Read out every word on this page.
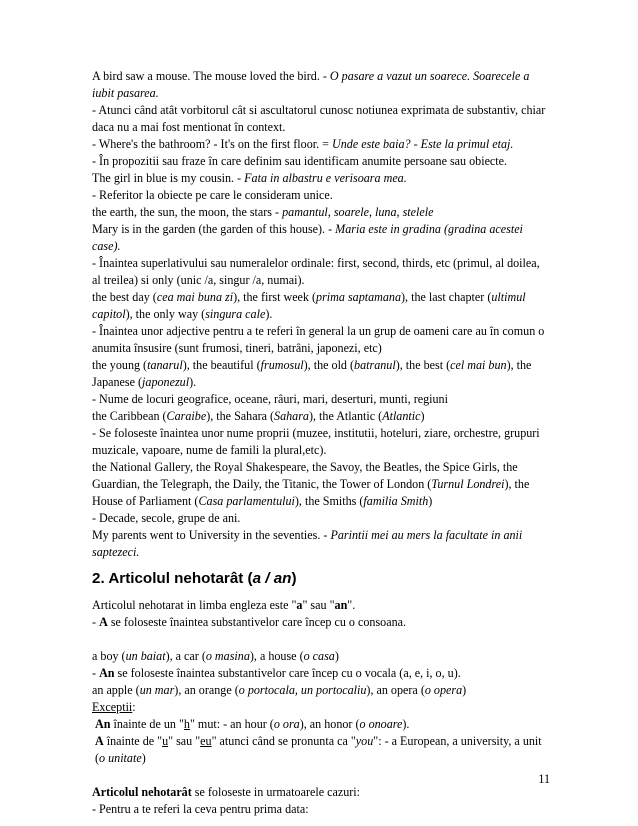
A bird saw a mouse. The mouse loved the bird. - O pasare a vazut un soarece. Soarecele a iubit pasarea.

- Atunci când atât vorbitorul cât si ascultatorul cunosc notiunea exprimata de substantiv, chiar daca nu a mai fost mentionat în context.

- Where's the bathroom? - It's on the first floor. = Unde este baia? - Este la primul etaj.

- În propozitii sau fraze în care definim sau identificam anumite persoane sau obiecte.

The girl in blue is my cousin. - Fata in albastru e verisoara mea.

- Referitor la obiecte pe care le consideram unice.

the earth, the sun, the moon, the stars - pamantul, soarele, luna, stelele

Mary is in the garden (the garden of this house). - Maria este in gradina (gradina acestei case).

- Înaintea superlativului sau numeralelor ordinale: first, second, thirds, etc (primul, al doilea, al treilea) si only (unic /a, singur /a, numai).

the best day (cea mai buna zi), the first week (prima saptamana), the last chapter (ultimul capitol), the only way (singura cale).

- Înaintea unor adjective pentru a te referi în general la un grup de oameni care au în comun o anumita însusire (sunt frumosi, tineri, batrâni, japonezi, etc)

the young (tanarul), the beautiful (frumosul), the old (batranul), the best (cel mai bun), the Japanese (japonezul).

- Nume de locuri geografice, oceane, râuri, mari, deserturi, munti, regiuni

the Caribbean (Caraibe), the Sahara (Sahara), the Atlantic (Atlantic)

- Se foloseste înaintea unor nume proprii (muzee, institutii, hoteluri, ziare, orchestre, grupuri muzicale, vapoare, nume de famili la plural,etc).

the National Gallery, the Royal Shakespeare, the Savoy, the Beatles, the Spice Girls, the Guardian, the Telegraph, the Daily, the Titanic, the Tower of London (Turnul Londrei), the House of Parliament (Casa parlamentului), the Smiths (familia Smith)

- Decade, secole, grupe de ani.

My parents went to University in the seventies. - Parintii mei au mers la facultate in anii saptezeci.

2. Articolul nehotarât (a / an)

Articolul nehotarat in limba engleza este "a" sau "an".

- A se foloseste înaintea substantivelor care încep cu o consoana.

a boy (un baiat), a car (o masina), a house (o casa)

- An se foloseste înaintea substantivelor care încep cu o vocala (a, e, i, o, u).

an apple (un mar), an orange (o portocala, un portocaliu), an opera (o opera)

Exceptii:

An înainte de un "h" mut: - an hour (o ora), an honor (o onoare).

A înainte de "u" sau "eu" atunci când se pronunta ca "you": - a European, a university, a unit (o unitate)

Articolul nehotarât se foloseste in urmatoarele cazuri:

- Pentru a te referi la ceva pentru prima data:

11
